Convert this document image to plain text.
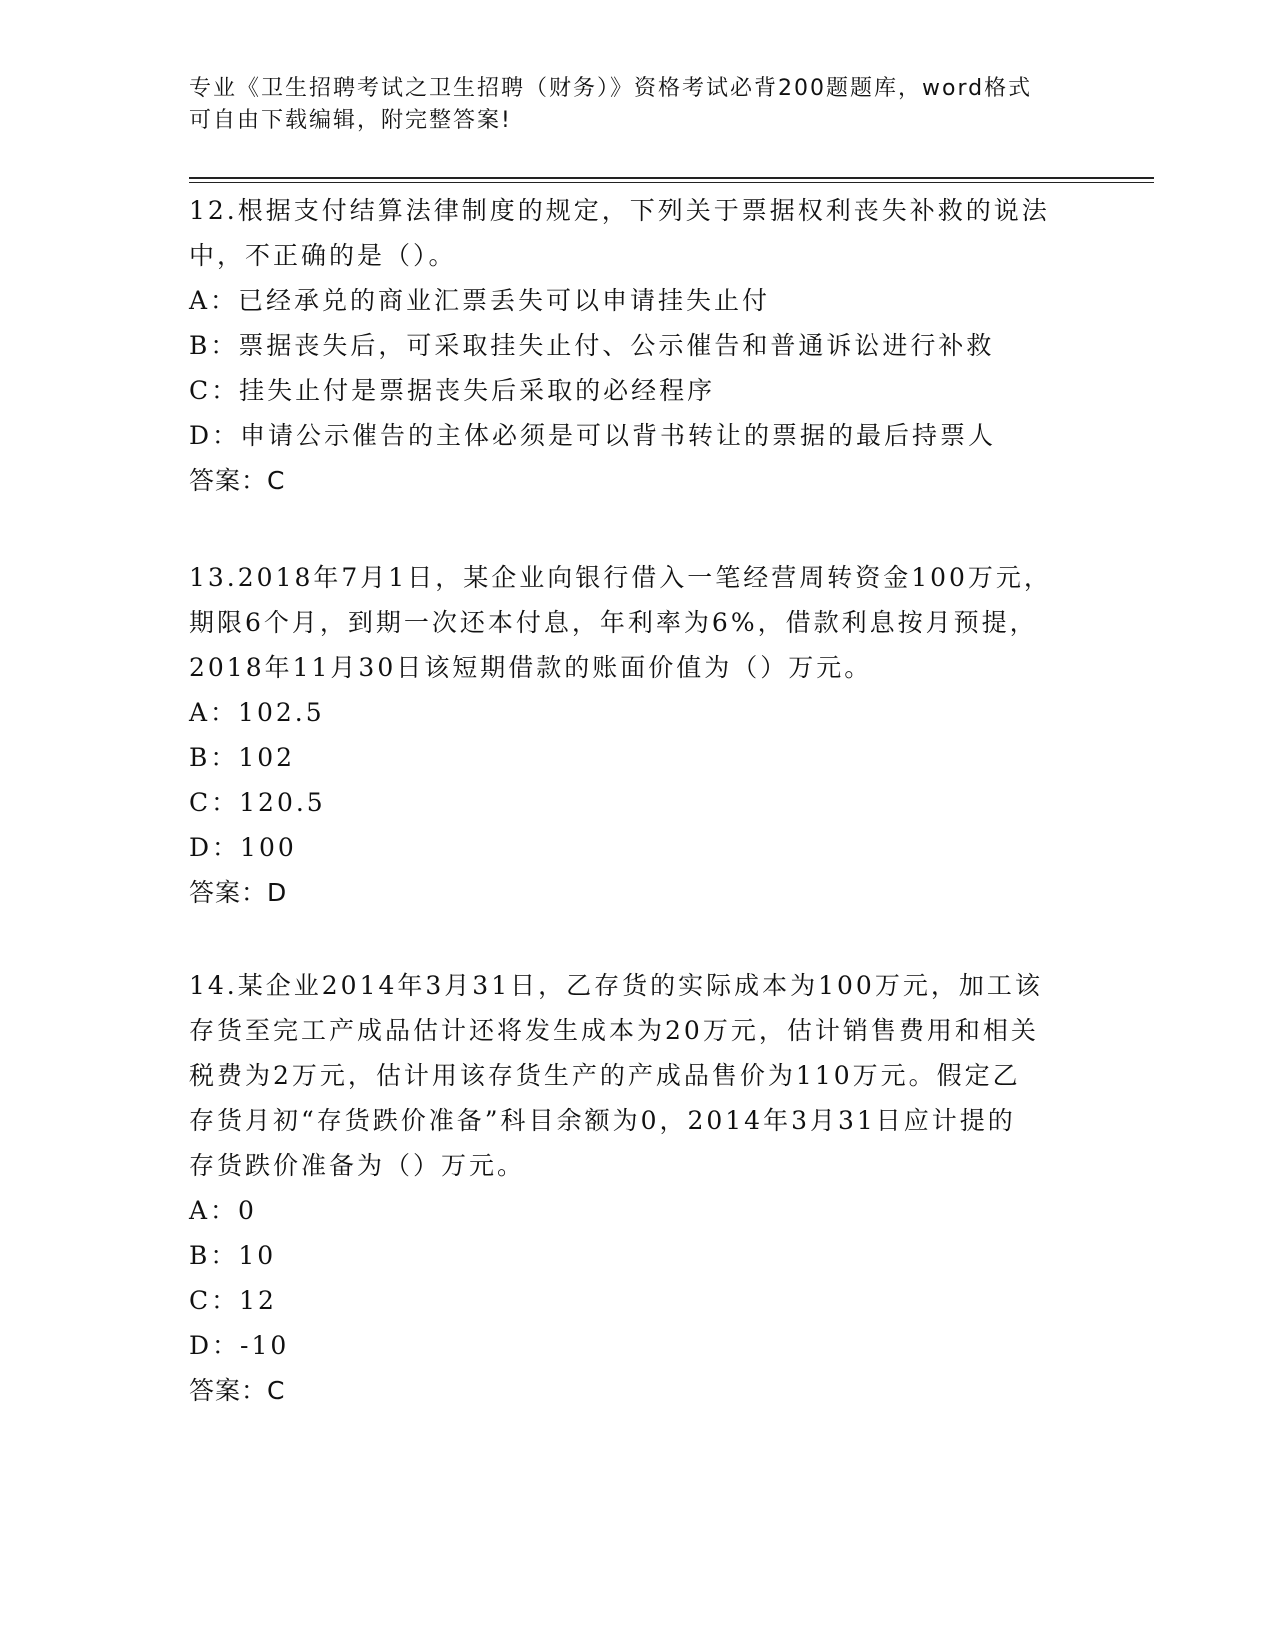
专业《卫生招聘考试之卫生招聘（财务）》资格考试必背200题题库，word格式
可自由下载编辑，附完整答案!
12.根据支付结算法律制度的规定，下列关于票据权利丧失补救的说法
中，不正确的是（）。
A：已经承兑的商业汇票丢失可以申请挂失止付
B：票据丧失后，可采取挂失止付、公示催告和普通诉讼进行补救
C：挂失止付是票据丧失后采取的必经程序
D：申请公示催告的主体必须是可以背书转让的票据的最后持票人
答案：C
13.2018年7月1日，某企业向银行借入一笔经营周转资金100万元，
期限6个月，到期一次还本付息，年利率为6%，借款利息按月预提，
2018年11月30日该短期借款的账面价值为（）万元。
A：102.5
B：102
C：120.5
D：100
答案：D
14.某企业2014年3月31日，乙存货的实际成本为100万元，加工该
存货至完工产成品估计还将发生成本为20万元，估计销售费用和相关
税费为2万元，估计用该存货生产的产成品售价为110万元。假定乙
存货月初“存货跌价准备”科目余额为0，2014年3月31日应计提的
存货跌价准备为（）万元。
A：0
B：10
C：12
D：-10
答案：C
